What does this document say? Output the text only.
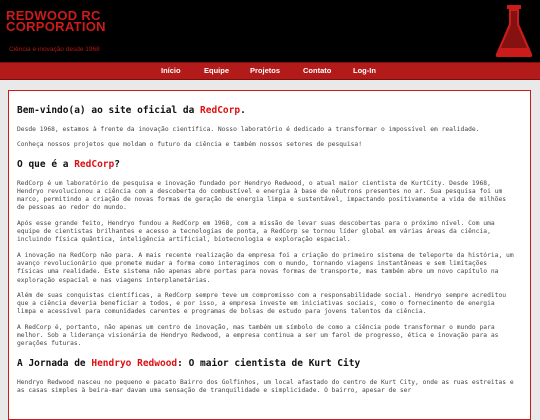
REDWOOD RC
CORPORATION
Ciência e inovação desde 1968
Início	Equipe	Projetos	Contato	Log-In
Bem-vindo(a) ao site oficial da RedCorp.

Desde 1968, estamos à frente da inovação científica. Nosso laboratório é dedicado a transformar o impossível em realidade.

Conheça nossos projetos que moldam o futuro da ciência e também nossos setores de pesquisa!

O que é a RedCorp?

RedCorp é um laboratório de pesquisa e inovação fundado por Hendryo Redwood, o atual maior cientista de KurtCity. Desde 1968, Hendryo revolucionou a ciência com a descoberta do combustível e energia à base de nêutrons presentes no ar. Sua pesquisa foi um marco, permitindo a criação de novas formas de geração de energia limpa e sustentável, impactando positivamente a vida de milhões de pessoas ao redor do mundo.

Após esse grande feito, Hendryo fundou a RedCorp em 1968, com a missão de levar suas descobertas para o próximo nível. Com uma equipe de cientistas brilhantes e acesso a tecnologias de ponta, a RedCorp se tornou líder global em várias áreas da ciência, incluindo física quântica, inteligência artificial, biotecnologia e exploração espacial.

A inovação na RedCorp não para. A mais recente realização da empresa foi a criação do primeiro sistema de teleporte da história, um avanço revolucionário que promete mudar a forma como interagimos com o mundo, tornando viagens instantâneas e sem limitações físicas uma realidade. Este sistema não apenas abre portas para novas formas de transporte, mas também abre um novo capítulo na exploração espacial e nas viagens interplanetárias.

Além de suas conquistas científicas, a RedCorp sempre teve um compromisso com a responsabilidade social. Hendryo sempre acreditou que a ciência deveria beneficiar a todos, e por isso, a empresa investe em iniciativas sociais, como o fornecimento de energia limpa e acessível para comunidades carentes e programas de bolsas de estudo para jovens talentos da ciência.

A RedCorp é, portanto, não apenas um centro de inovação, mas também um símbolo de como a ciência pode transformar o mundo para melhor. Sob a liderança visionária de Hendryo Redwood, a empresa continua a ser um farol de progresso, ética e inovação para as gerações futuras.

A Jornada de Hendryo Redwood: O maior cientista de Kurt City

Hendryo Redwood nasceu no pequeno e pacato Bairro dos Golfinhos, um local afastado do centro de Kurt City, onde as ruas estreitas e as casas simples à beira-mar davam uma sensação de tranquilidade e simplicidade. O bairro, apesar de ser
